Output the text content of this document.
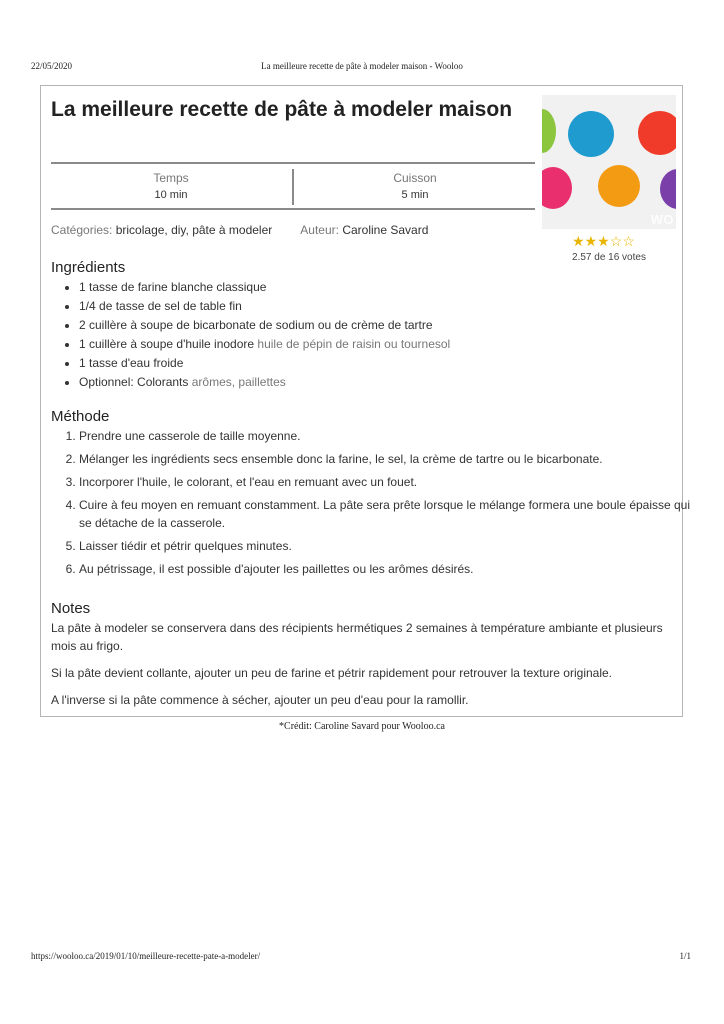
22/05/2020	La meilleure recette de pâte à modeler maison - Wooloo
La meilleure recette de pâte à modeler maison
WO
★★★☆☆
2.57 de 16 votes
Temps
10 min
Cuisson
5 min
Catégories: bricolage, diy, pâte à modeler Auteur: Caroline Savard
Ingrédients
• 1 tasse de farine blanche classique
• 1/4 de tasse de sel de table fin
• 2 cuillère à soupe de bicarbonate de sodium ou de crème de tartre
• 1 cuillère à soupe d'huile inodore huile de pépin de raisin ou tournesol
• 1 tasse d'eau froide
• Optionnel: Colorants arômes, paillettes
Méthode
1. Prendre une casserole de taille moyenne.
2. Mélanger les ingrédients secs ensemble donc la farine, le sel, la crème de tartre ou le bicarbonate.
3. Incorporer l'huile, le colorant, et l'eau en remuant avec un fouet.
4. Cuire à feu moyen en remuant constamment. La pâte sera prête lorsque le mélange formera une boule épaisse qui se détache de la casserole.
5. Laisser tiédir et pétrir quelques minutes.
6. Au pétrissage, il est possible d'ajouter les paillettes ou les arômes désirés.
Notes

La pâte à modeler se conservera dans des récipients hermétiques 2 semaines à température ambiante et plusieurs mois au frigo.

Si la pâte devient collante, ajouter un peu de farine et pétrir rapidement pour retrouver la texture originale.

A l'inverse si la pâte commence à sécher, ajouter un peu d'eau pour la ramollir.

*Crédit: Caroline Savard pour Wooloo.ca
https://wooloo.ca/2019/01/10/meilleure-recette-pate-a-modeler/	1/1
